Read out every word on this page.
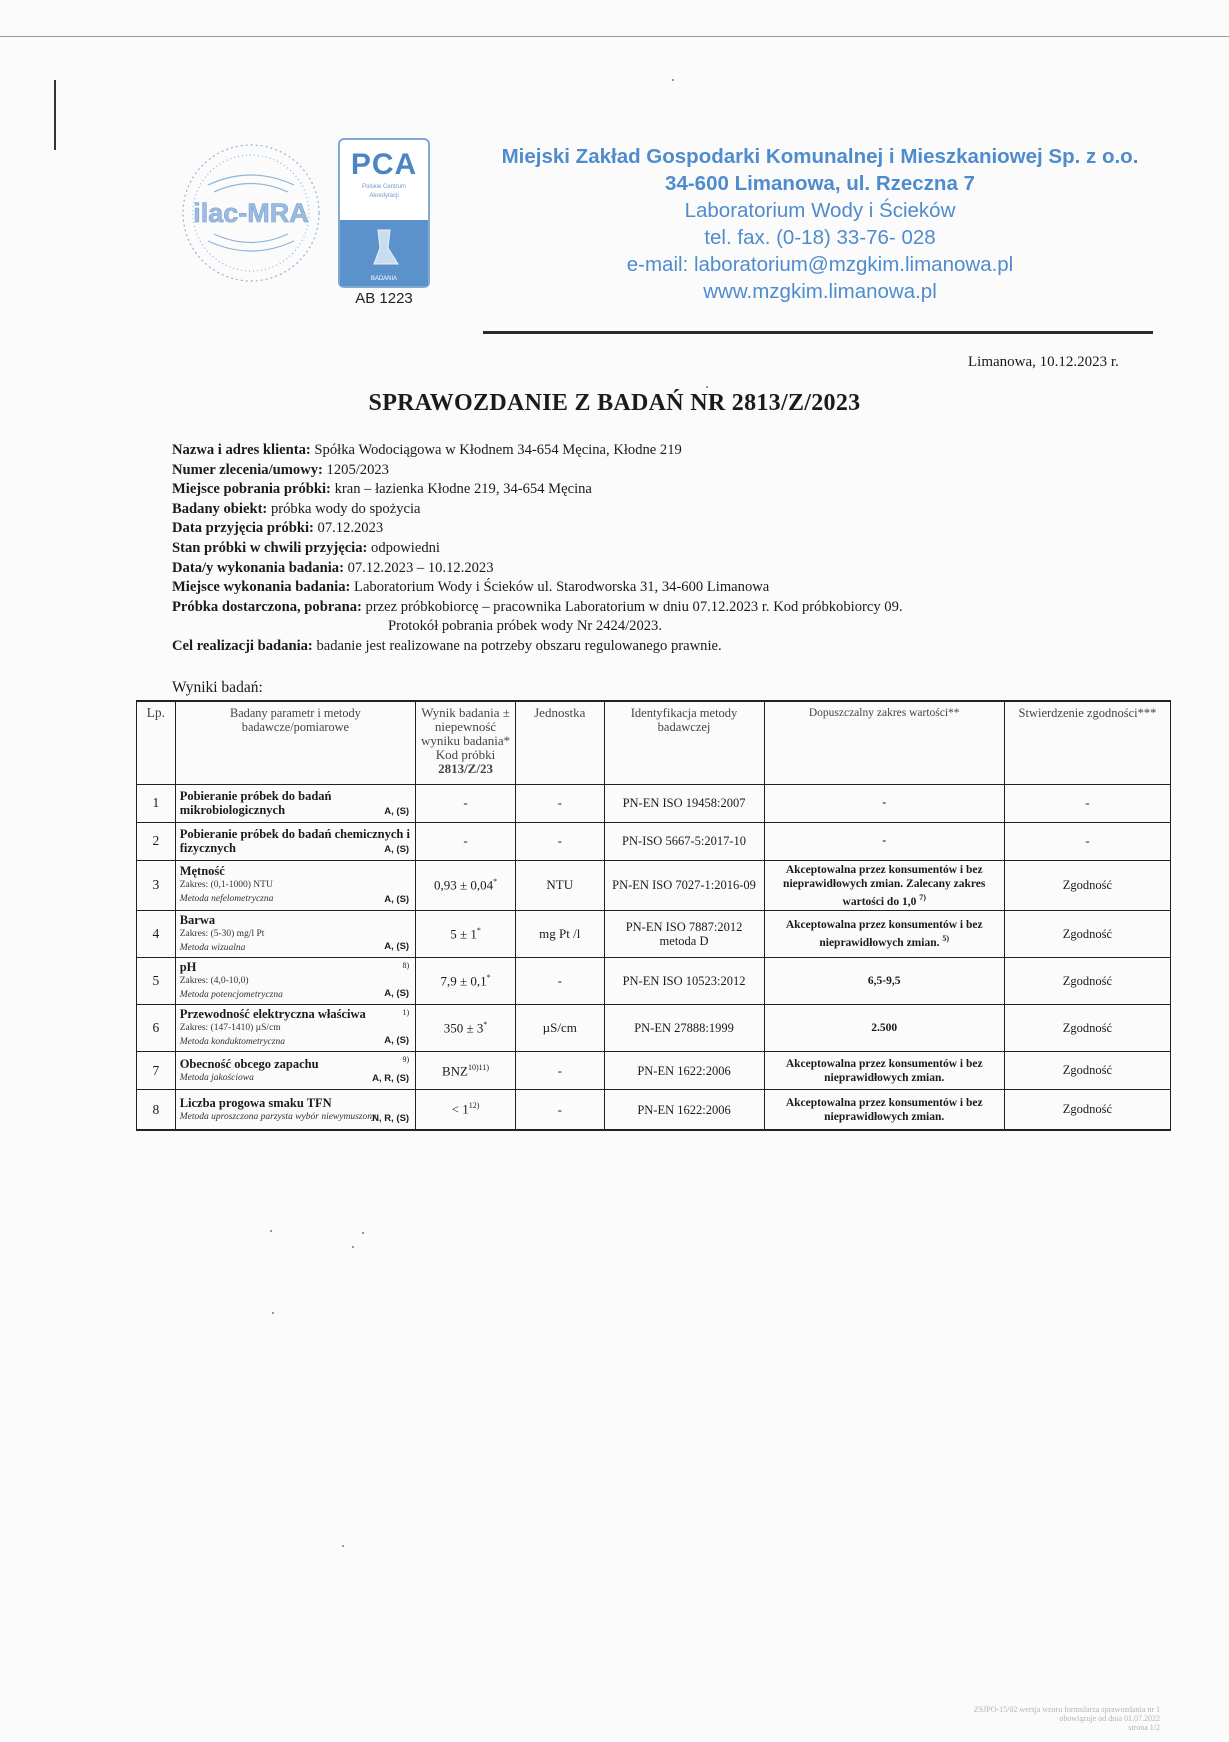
ilac-MRA
PCA
Polskie Centrum
Akredytacji
BADANIA
AB 1223
Miejski Zakład Gospodarki Komunalnej i Mieszkaniowej Sp. z o.o.
34-600 Limanowa, ul. Rzeczna 7
Laboratorium Wody i Ścieków
tel. fax. (0-18) 33-76- 028
e-mail: laboratorium@mzgkim.limanowa.pl
www.mzgkim.limanowa.pl
Limanowa, 10.12.2023 r.
SPRAWOZDANIE Z BADAŃ NR 2813/Z/2023
Nazwa i adres klienta: Spółka Wodociągowa w Kłodnem 34-654 Męcina, Kłodne 219
Numer zlecenia/umowy: 1205/2023
Miejsce pobrania próbki: kran – łazienka Kłodne 219, 34-654 Męcina
Badany obiekt: próbka wody do spożycia
Data przyjęcia próbki: 07.12.2023
Stan próbki w chwili przyjęcia: odpowiedni
Data/y wykonania badania: 07.12.2023 – 10.12.2023
Miejsce wykonania badania: Laboratorium Wody i Ścieków ul. Starodworska 31, 34-600 Limanowa
Próbka dostarczona, pobrana: przez próbkobiorcę – pracownika Laboratorium w dniu 07.12.2023 r. Kod próbkobiorcy 09.
Protokół pobrania próbek wody Nr 2424/2023.
Cel realizacji badania: badanie jest realizowane na potrzeby obszaru regulowanego prawnie.
Wyniki badań:
Lp.	Badany parametr i metody badawcze/pomiarowe	Wynik badania ± niepewność wyniku badania*
Kod próbki
2813/Z/23	Jednostka	Identyfikacja metody badawczej	Dopuszczalny zakres wartości**	Stwierdzenie zgodności***
1	Pobieranie próbek do badań mikrobiologicznych A, (S)	-	-	PN-EN ISO 19458:2007	-	-
2	Pobieranie próbek do badań chemicznych i fizycznych A, (S)	-	-	PN-ISO 5667-5:2017-10	-	-
3	Mętność
Zakres: (0,1-1000) NTU
Metoda nefelometryczna A, (S)	0,93 ± 0,04*	NTU	PN-EN ISO 7027-1:2016-09	Akceptowalna przez konsumentów i bez nieprawidłowych zmian. Zalecany zakres wartości do 1,0 $^{7)}$	Zgodność
4	Barwa
Zakres: (5-30) mg/l Pt
Metoda wizualna A, (S)	5 ± 1*	mg Pt /l	PN-EN ISO 7887:2012 metoda D	Akceptowalna przez konsumentów i bez nieprawidłowych zmian. $^{5)}$	Zgodność
5	8)
pH
Zakres: (4,0-10,0)
Metoda potencjometryczna A, (S)	7,9 ± 0,1*	-	PN-EN ISO 10523:2012	6,5-9,5	Zgodność
6	1)
Przewodność elektryczna właściwa
Zakres: (147-1410) µS/cm
Metoda konduktometryczna A, (S)	350 ± 3*	µS/cm	PN-EN 27888:1999	2.500	Zgodność
7	9)
Obecność obcego zapachu
Metoda jakościowa A, R, (S)	$BNZ^{10)11)}$	-	PN-EN 1622:2006	Akceptowalna przez konsumentów i bez nieprawidłowych zmian.	Zgodność
8	Liczba progowa smaku TFN
Metoda uproszczona parzysta wybór niewymuszony
N, R, (S)	< $1^{12)}$	-	PN-EN 1622:2006	Akceptowalna przez konsumentów i bez nieprawidłowych zmian.	Zgodność
ZSJPO-15/02 wersja wzoru formularza sprawozdania nr 1
obowiązuje od dnia 01.07.2022
strona 1/2
